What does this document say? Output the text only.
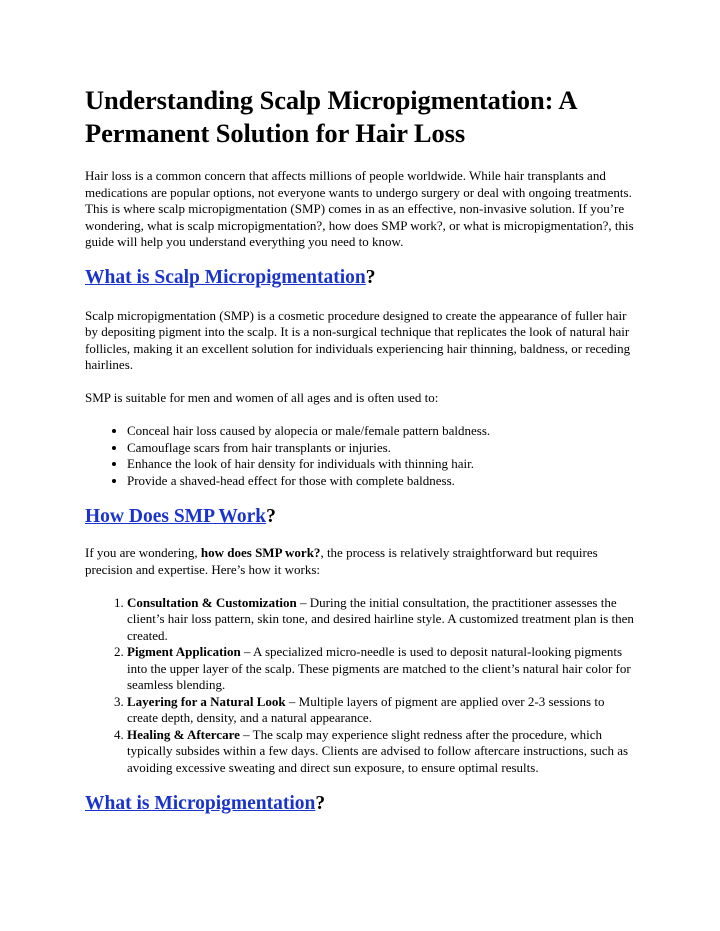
Understanding Scalp Micropigmentation: A Permanent Solution for Hair Loss

Hair loss is a common concern that affects millions of people worldwide. While hair transplants and medications are popular options, not everyone wants to undergo surgery or deal with ongoing treatments. This is where scalp micropigmentation (SMP) comes in as an effective, non-invasive solution. If you’re wondering, what is scalp micropigmentation?, how does SMP work?, or what is micropigmentation?, this guide will help you understand everything you need to know.

What is Scalp Micropigmentation?

Scalp micropigmentation (SMP) is a cosmetic procedure designed to create the appearance of fuller hair by depositing pigment into the scalp. It is a non-surgical technique that replicates the look of natural hair follicles, making it an excellent solution for individuals experiencing hair thinning, baldness, or receding hairlines.

SMP is suitable for men and women of all ages and is often used to:

• Conceal hair loss caused by alopecia or male/female pattern baldness.
• Camouflage scars from hair transplants or injuries.
• Enhance the look of hair density for individuals with thinning hair.
• Provide a shaved-head effect for those with complete baldness.
How Does SMP Work?

If you are wondering, how does SMP work?, the process is relatively straightforward but requires precision and expertise. Here’s how it works:

1. Consultation & Customization – During the initial consultation, the practitioner assesses the client’s hair loss pattern, skin tone, and desired hairline style. A customized treatment plan is then created.
2. Pigment Application – A specialized micro-needle is used to deposit natural-looking pigments into the upper layer of the scalp. These pigments are matched to the client’s natural hair color for seamless blending.
3. Layering for a Natural Look – Multiple layers of pigment are applied over 2-3 sessions to create depth, density, and a natural appearance.
4. Healing & Aftercare – The scalp may experience slight redness after the procedure, which typically subsides within a few days. Clients are advised to follow aftercare instructions, such as avoiding excessive sweating and direct sun exposure, to ensure optimal results.
What is Micropigmentation?
